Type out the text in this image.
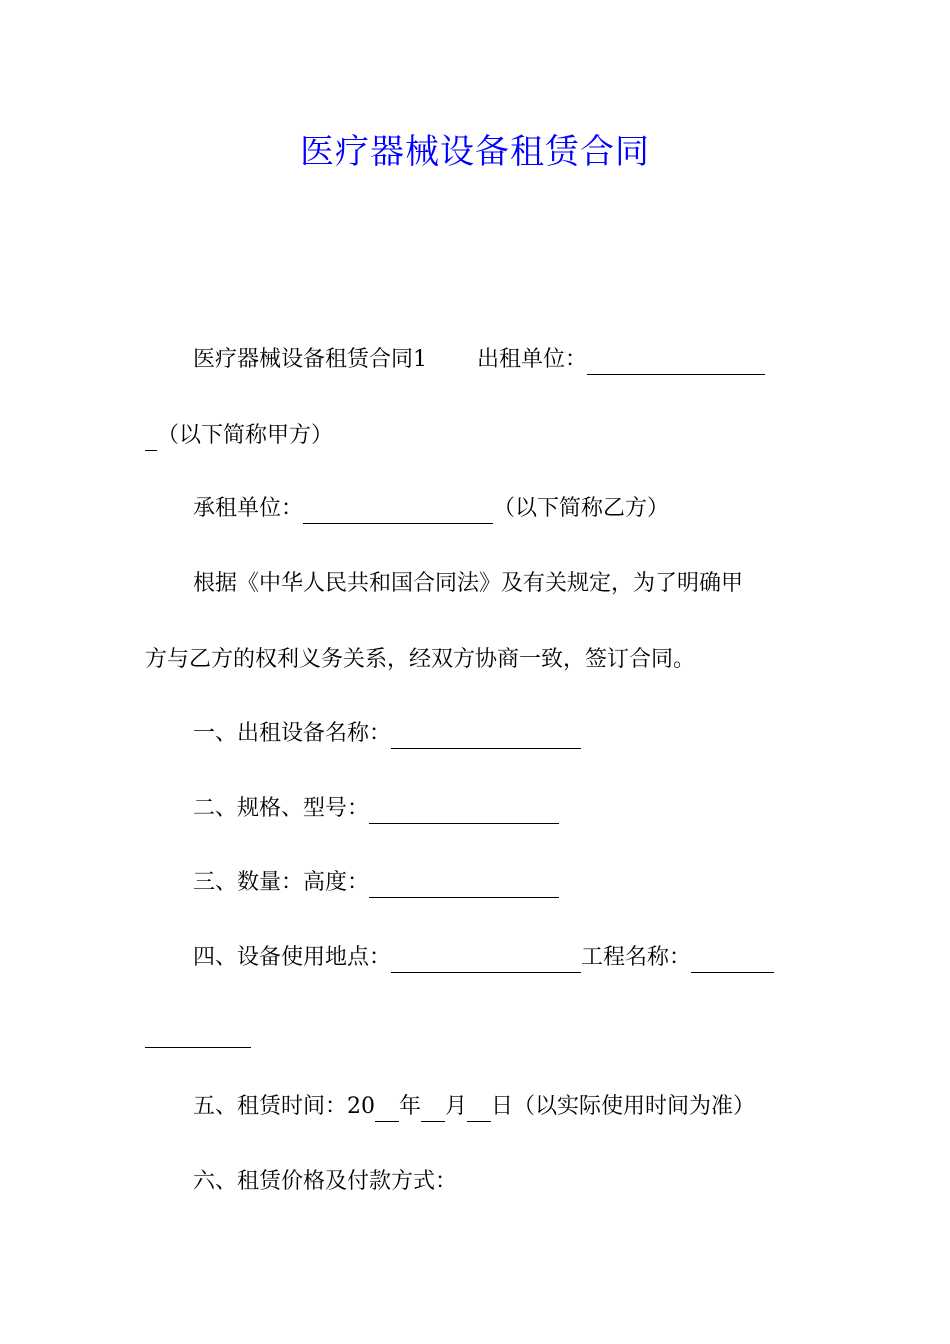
医疗器械设备租赁合同
医疗器械设备租赁合同1 出租单位：
（以下简称甲方）
承租单位：	（以下简称乙方）
根据《中华人民共和国合同法》及有关规定，为了明确甲
方与乙方的权利义务关系，经双方协商一致，签订合同。
一、出租设备名称：
二、规格、型号：
三、数量：高度：
四、设备使用地点：	工程名称：
五、租赁时间：20 年 月 日（以实际使用时间为准）
六、租赁价格及付款方式：
